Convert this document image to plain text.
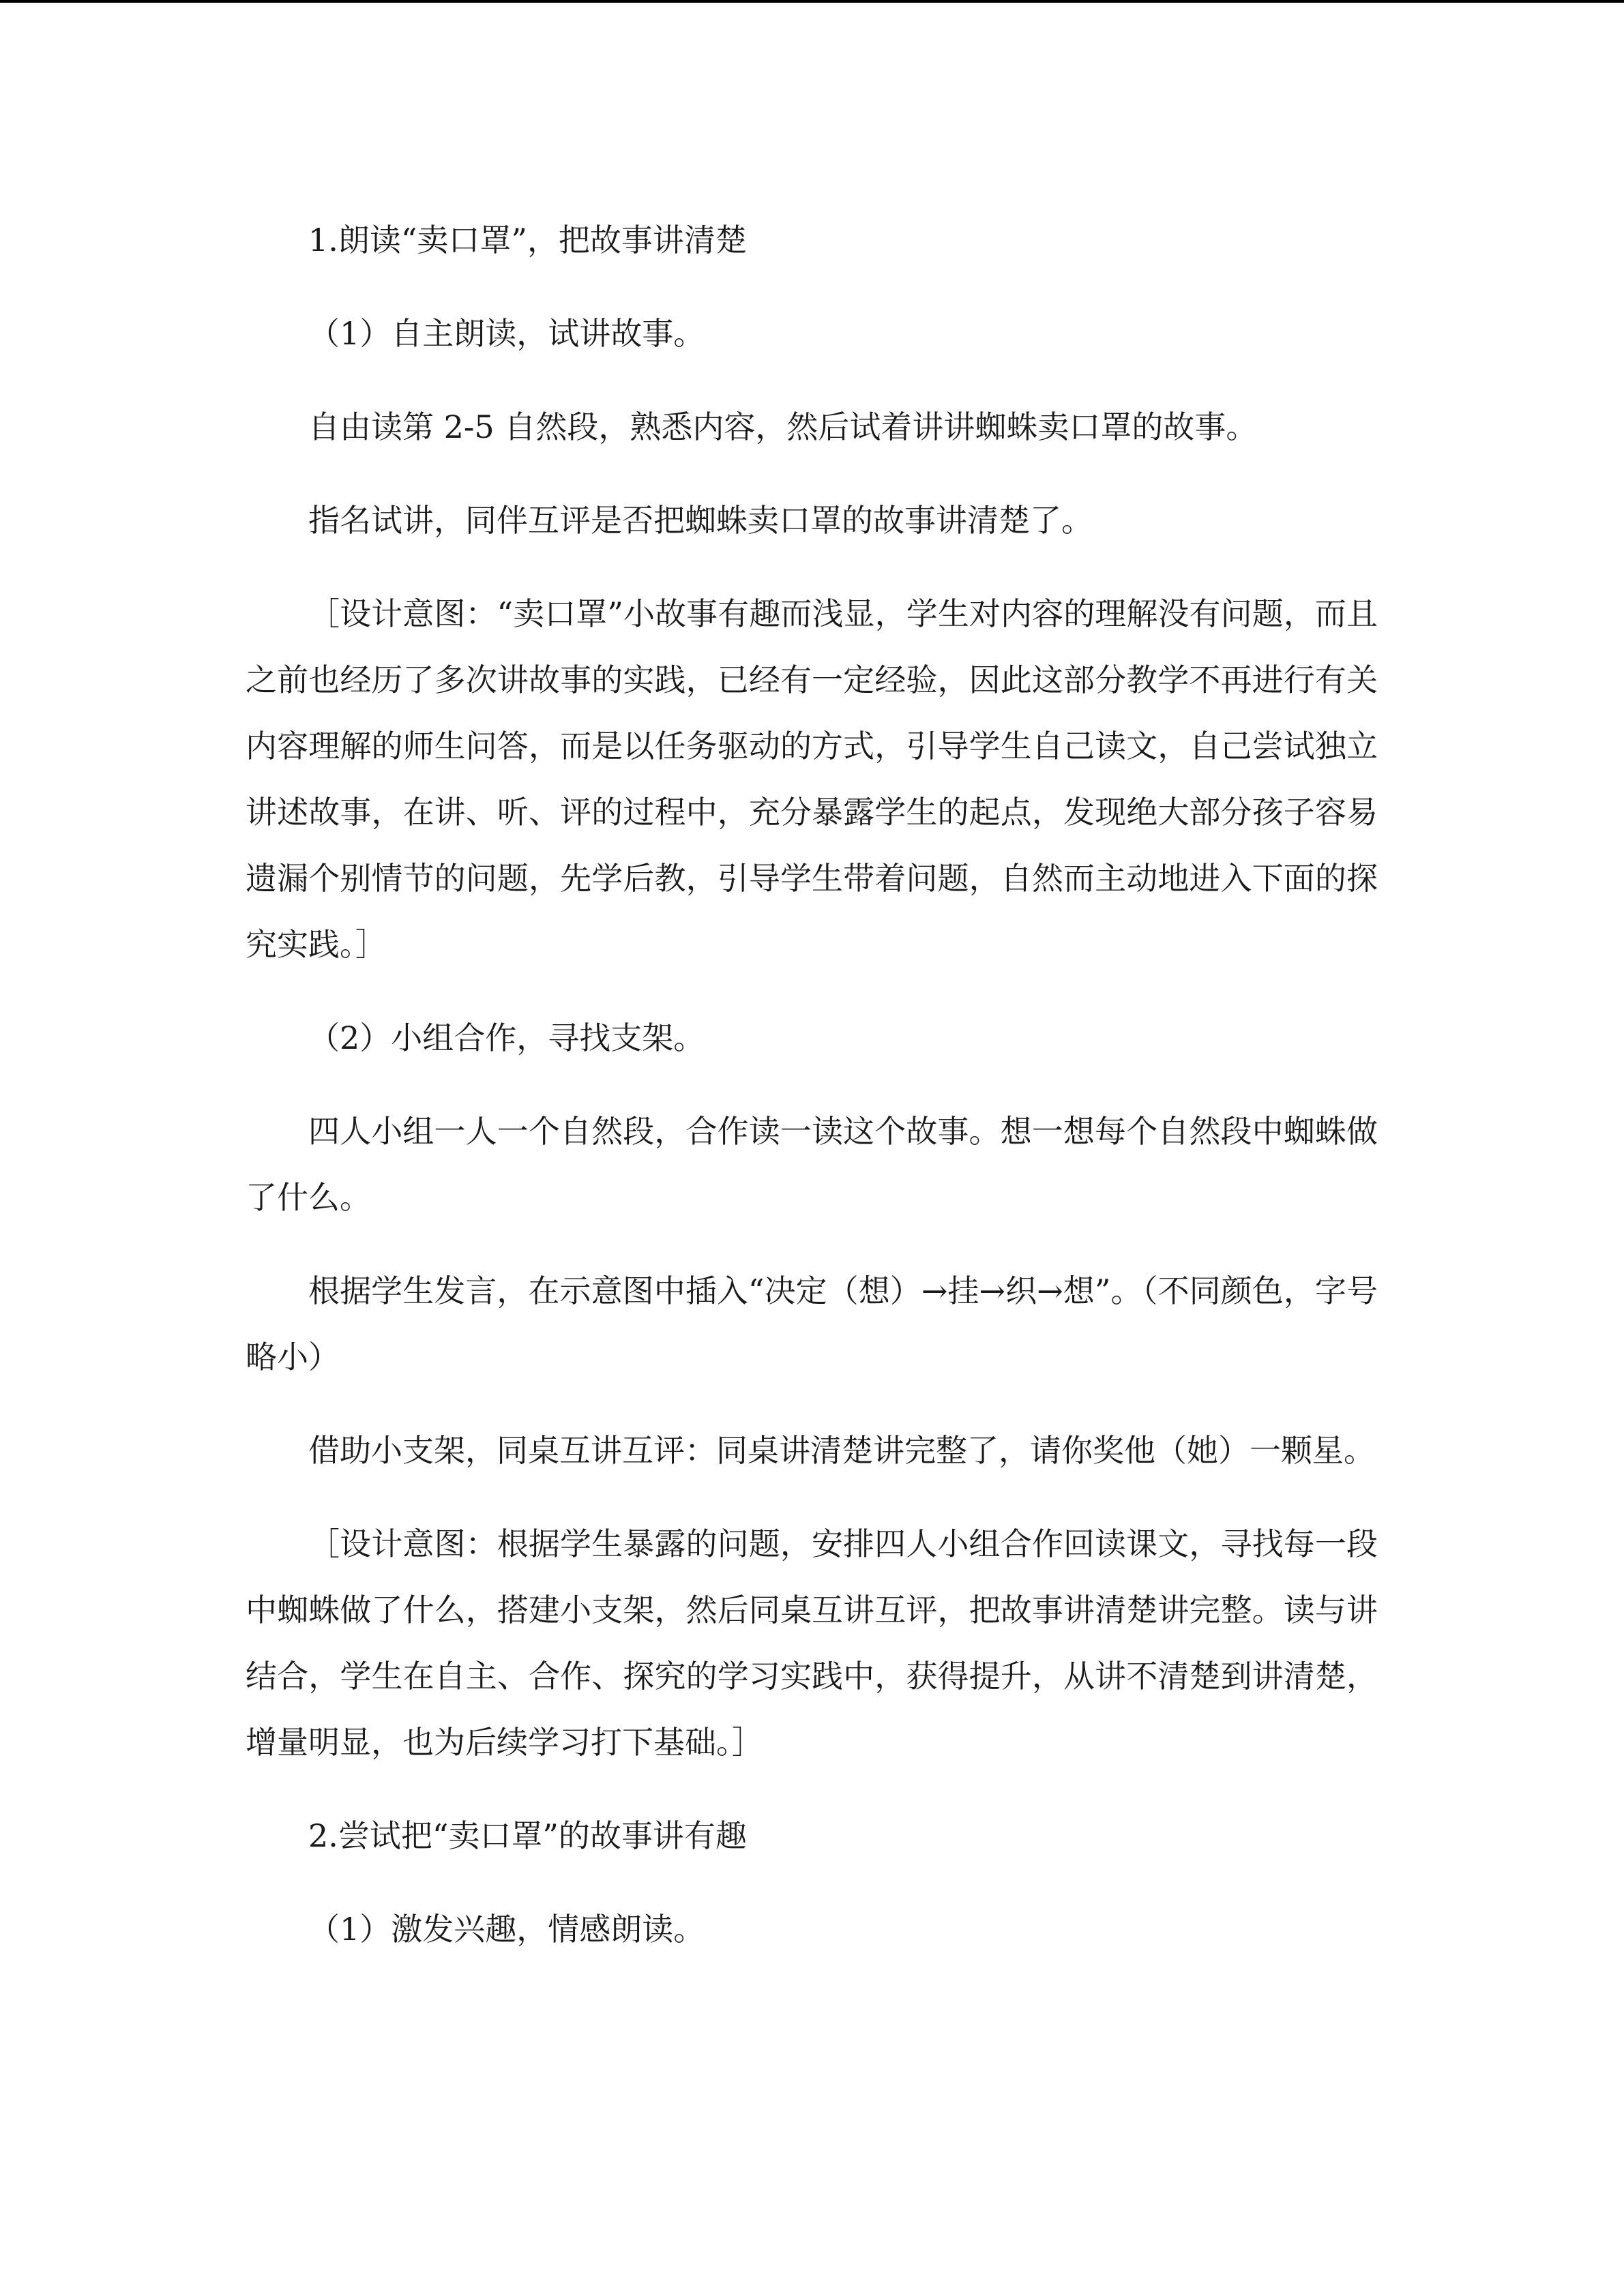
1.朗读“卖口罩”，把故事讲清楚

（1）自主朗读，试讲故事。

自由读第 2-5 自然段，熟悉内容，然后试着讲讲蜘蛛卖口罩的故事。

指名试讲，同伴互评是否把蜘蛛卖口罩的故事讲清楚了。

［设计意图：“卖口罩”小故事有趣而浅显，学生对内容的理解没有问题，而且之前也经历了多次讲故事的实践，已经有一定经验，因此这部分教学不再进行有关内容理解的师生问答，而是以任务驱动的方式，引导学生自己读文，自己尝试独立讲述故事，在讲、听、评的过程中，充分暴露学生的起点，发现绝大部分孩子容易遗漏个别情节的问题，先学后教，引导学生带着问题，自然而主动地进入下面的探究实践。］

（2）小组合作，寻找支架。

四人小组一人一个自然段，合作读一读这个故事。想一想每个自然段中蜘蛛做了什么。

根据学生发言，在示意图中插入“决定（想）→挂→织→想”。（不同颜色，字号略小）

借助小支架，同桌互讲互评：同桌讲清楚讲完整了，请你奖他（她）一颗星。

［设计意图：根据学生暴露的问题，安排四人小组合作回读课文，寻找每一段中蜘蛛做了什么，搭建小支架，然后同桌互讲互评，把故事讲清楚讲完整。读与讲结合，学生在自主、合作、探究的学习实践中，获得提升，从讲不清楚到讲清楚，增量明显，也为后续学习打下基础。］

2.尝试把“卖口罩”的故事讲有趣

（1）激发兴趣，情感朗读。
